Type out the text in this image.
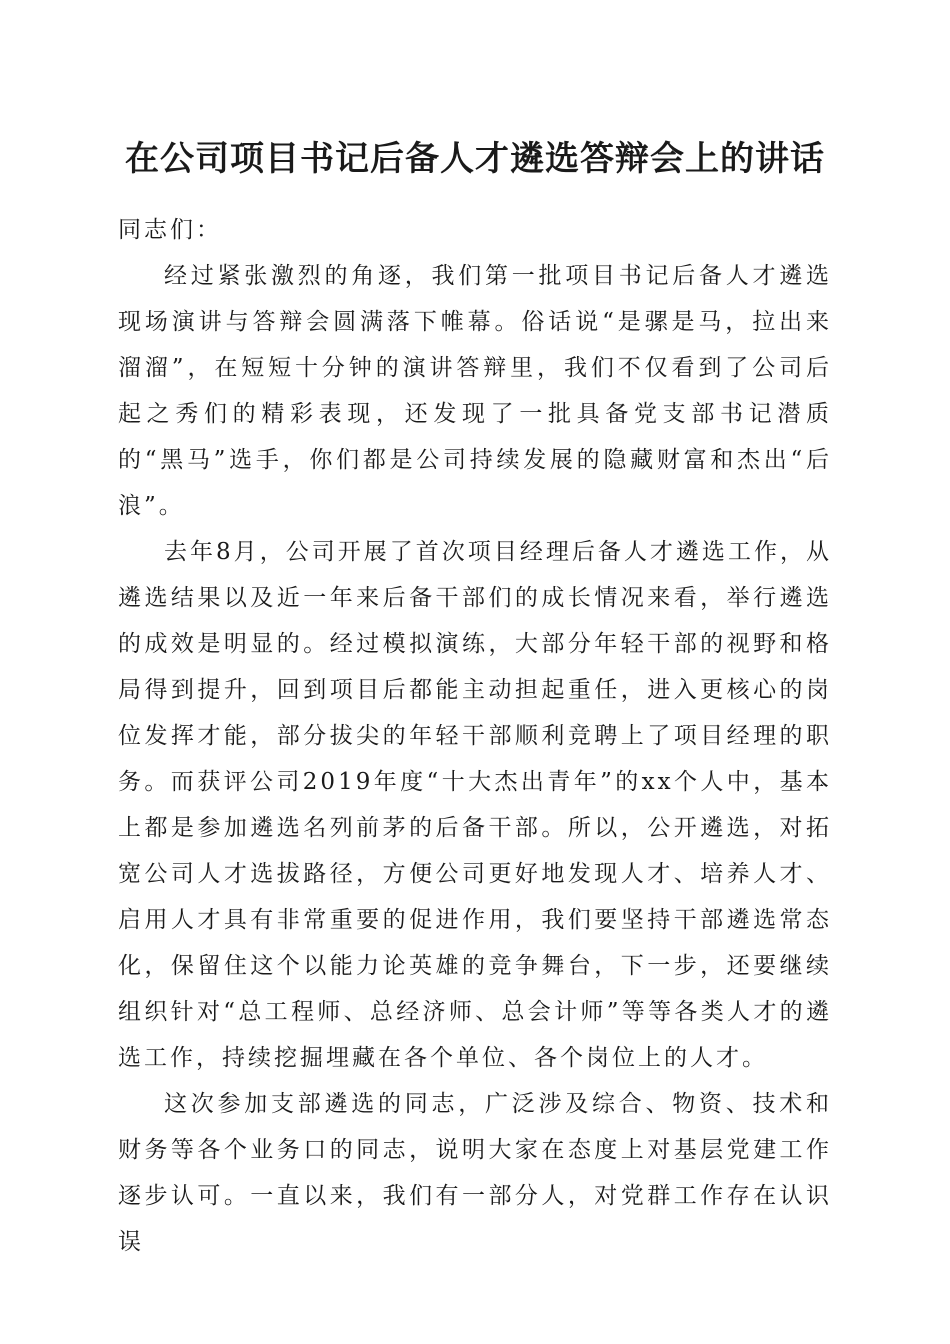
在公司项目书记后备人才遴选答辩会上的讲话

同志们：

经过紧张激烈的角逐，我们第一批项目书记后备人才遴选现场演讲与答辩会圆满落下帷幕。俗话说“是骡是马，拉出来溜溜”，在短短十分钟的演讲答辩里，我们不仅看到了公司后起之秀们的精彩表现，还发现了一批具备党支部书记潜质的“黑马”选手，你们都是公司持续发展的隐藏财富和杰出“后浪”。

去年8月，公司开展了首次项目经理后备人才遴选工作，从遴选结果以及近一年来后备干部们的成长情况来看，举行遴选的成效是明显的。经过模拟演练，大部分年轻干部的视野和格局得到提升，回到项目后都能主动担起重任，进入更核心的岗位发挥才能，部分拔尖的年轻干部顺利竞聘上了项目经理的职务。而获评公司2019年度“十大杰出青年”的xx个人中，基本上都是参加遴选名列前茅的后备干部。所以，公开遴选，对拓宽公司人才选拔路径，方便公司更好地发现人才、培养人才、启用人才具有非常重要的促进作用，我们要坚持干部遴选常态化，保留住这个以能力论英雄的竞争舞台，下一步，还要继续组织针对“总工程师、总经济师、总会计师”等等各类人才的遴选工作，持续挖掘埋藏在各个单位、各个岗位上的人才。

这次参加支部遴选的同志，广泛涉及综合、物资、技术和财务等各个业务口的同志，说明大家在态度上对基层党建工作逐步认可。一直以来，我们有一部分人，对党群工作存在认识误
